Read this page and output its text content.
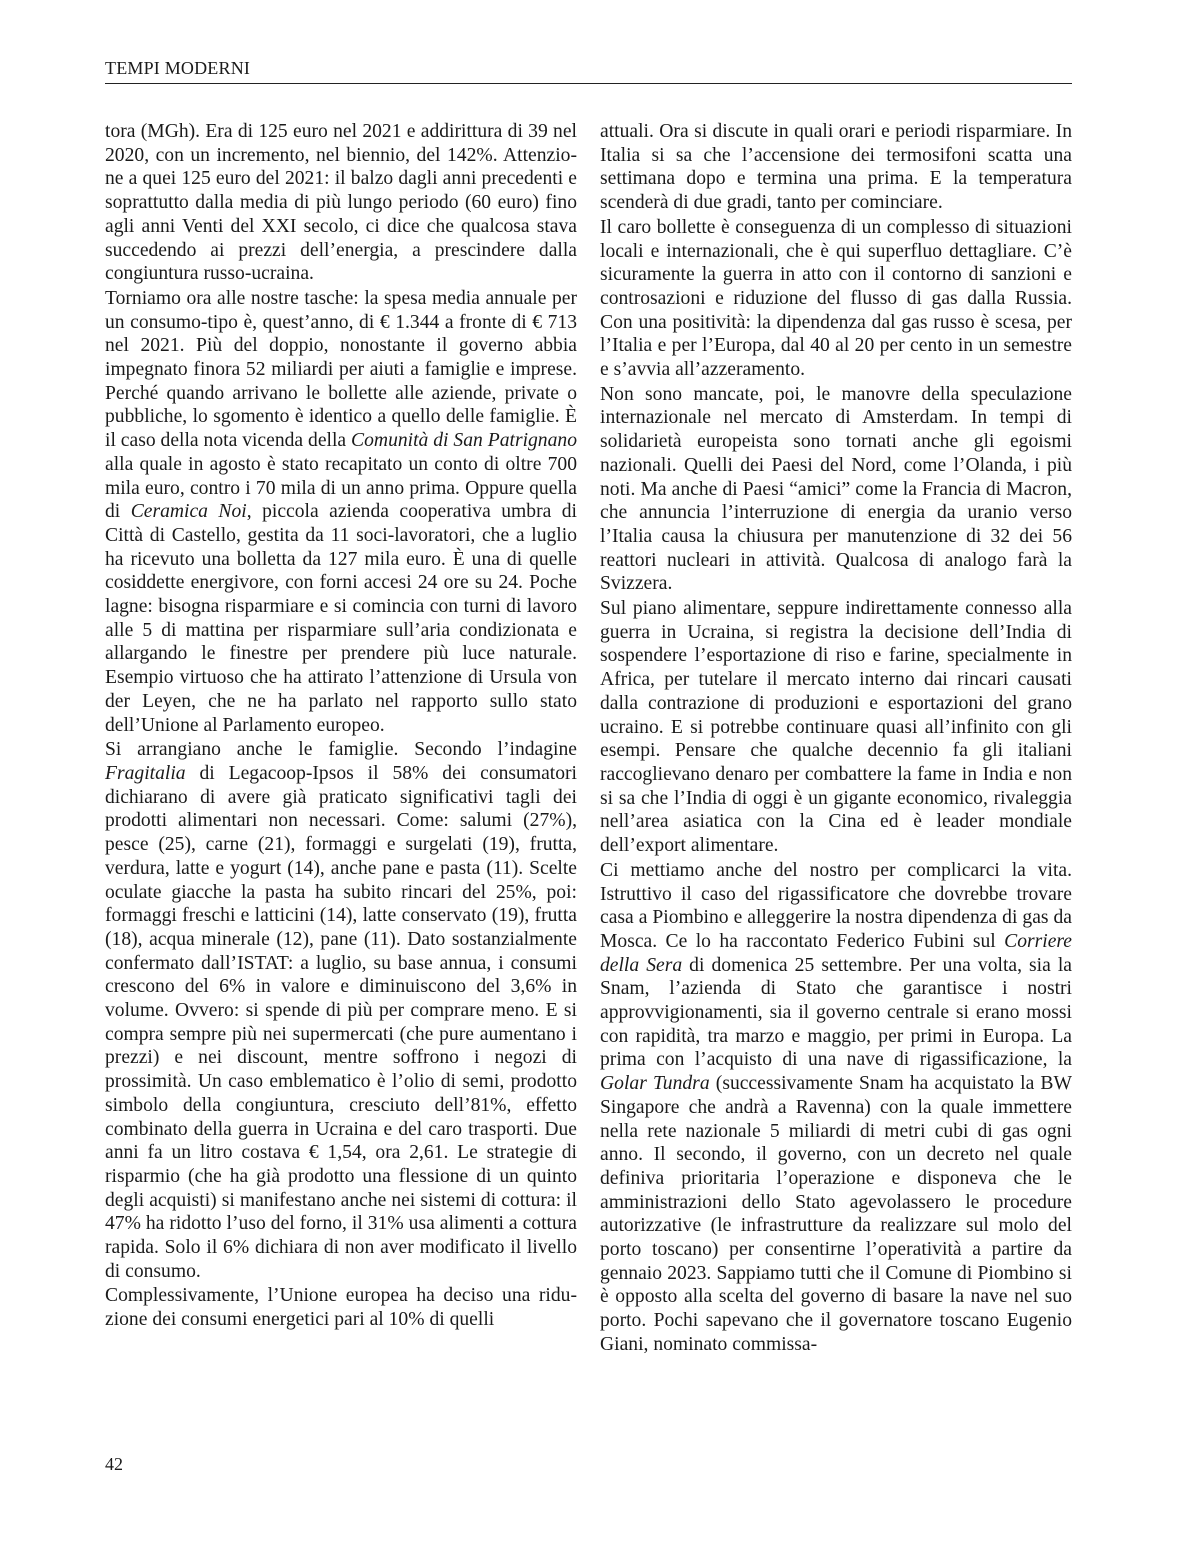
TEMPI MODERNI

tora (MGh). Era di 125 euro nel 2021 e addirittura di 39 nel 2020, con un incremento, nel biennio, del 142%. Attenzio-ne a quei 125 euro del 2021: il balzo dagli anni precedenti e soprattutto dalla media di più lungo periodo (60 euro) fino agli anni Venti del XXI secolo, ci dice che qualcosa stava succedendo ai prezzi dell’energia, a prescindere dalla congiuntura russo-ucraina.

Torniamo ora alle nostre tasche: la spesa media annuale per un consumo-tipo è, quest’anno, di € 1.344 a fronte di € 713 nel 2021. Più del doppio, nonostante il governo abbia impegnato finora 52 miliardi per aiuti a famiglie e imprese. Perché quando arrivano le bollette alle aziende, private o pubbliche, lo sgomento è identico a quello delle famiglie. È il caso della nota vicenda della Comunità di San Patrignano alla quale in agosto è stato recapitato un conto di oltre 700 mila euro, contro i 70 mila di un anno prima. Oppure quella di Ceramica Noi, piccola azienda cooperativa umbra di Città di Castello, gestita da 11 soci-lavoratori, che a luglio ha ricevuto una bolletta da 127 mila euro. È una di quelle cosiddette energivore, con forni accesi 24 ore su 24. Poche lagne: bisogna risparmiare e si comincia con turni di lavoro alle 5 di mattina per risparmiare sull’aria condizionata e allargando le finestre per prendere più luce naturale. Esempio virtuoso che ha attirato l’attenzione di Ursula von der Leyen, che ne ha parlato nel rapporto sullo stato dell’Unione al Parlamento europeo.

Si arrangiano anche le famiglie. Secondo l’indagine Fragitalia di Legacoop-Ipsos il 58% dei consumatori dichiarano di avere già praticato significativi tagli dei prodotti alimentari non necessari. Come: salumi (27%), pesce (25), carne (21), formaggi e surgelati (19), frutta, verdura, latte e yogurt (14), anche pane e pasta (11). Scelte oculate giacche la pasta ha subito rincari del 25%, poi: formaggi freschi e latticini (14), latte conservato (19), frutta (18), acqua minerale (12), pane (11). Dato sostanzialmente confermato dall’ISTAT: a luglio, su base annua, i consumi crescono del 6% in valore e diminuiscono del 3,6% in volume. Ovvero: si spende di più per comprare meno. E si compra sempre più nei supermercati (che pure aumentano i prezzi) e nei discount, mentre soffrono i negozi di prossimità. Un caso emblematico è l’olio di semi, prodotto simbolo della congiuntura, cresciuto dell’81%, effetto combinato della guerra in Ucraina e del caro trasporti. Due anni fa un litro costava € 1,54, ora 2,61. Le strategie di risparmio (che ha già prodotto una flessione di un quinto degli acquisti) si manifestano anche nei sistemi di cottura: il 47% ha ridotto l’uso del forno, il 31% usa alimenti a cottura rapida. Solo il 6% dichiara di non aver modificato il livello di consumo.

Complessivamente, l’Unione europea ha deciso una ridu-zione dei consumi energetici pari al 10% di quelli

attuali. Ora si discute in quali orari e periodi risparmiare. In Italia si sa che l’accensione dei termosifoni scatta una settimana dopo e termina una prima. E la temperatura scenderà di due gradi, tanto per cominciare.

Il caro bollette è conseguenza di un complesso di situazioni locali e internazionali, che è qui superfluo dettagliare. C’è sicuramente la guerra in atto con il contorno di sanzioni e controsazioni e riduzione del flusso di gas dalla Russia. Con una positività: la dipendenza dal gas russo è scesa, per l’Italia e per l’Europa, dal 40 al 20 per cento in un semestre e s’avvia all’azzeramento.

Non sono mancate, poi, le manovre della speculazione internazionale nel mercato di Amsterdam. In tempi di solidarietà europeista sono tornati anche gli egoismi nazionali. Quelli dei Paesi del Nord, come l’Olanda, i più noti. Ma anche di Paesi “amici” come la Francia di Macron, che annuncia l’interruzione di energia da uranio verso l’Italia causa la chiusura per manutenzione di 32 dei 56 reattori nucleari in attività. Qualcosa di analogo farà la Svizzera.

Sul piano alimentare, seppure indirettamente connesso alla guerra in Ucraina, si registra la decisione dell’India di sospendere l’esportazione di riso e farine, specialmente in Africa, per tutelare il mercato interno dai rincari causati dalla contrazione di produzioni e esportazioni del grano ucraino. E si potrebbe continuare quasi all’infinito con gli esempi. Pensare che qualche decennio fa gli italiani raccoglievano denaro per combattere la fame in India e non si sa che l’India di oggi è un gigante economico, rivaleggia nell’area asiatica con la Cina ed è leader mondiale dell’export alimentare.

Ci mettiamo anche del nostro per complicarci la vita. Istruttivo il caso del rigassificatore che dovrebbe trovare casa a Piombino e alleggerire la nostra dipendenza di gas da Mosca. Ce lo ha raccontato Federico Fubini sul Corriere della Sera di domenica 25 settembre. Per una volta, sia la Snam, l’azienda di Stato che garantisce i nostri approvvigionamenti, sia il governo centrale si erano mossi con rapidità, tra marzo e maggio, per primi in Europa. La prima con l’acquisto di una nave di rigassificazione, la Golar Tundra (successivamente Snam ha acquistato la BW Singapore che andrà a Ravenna) con la quale immettere nella rete nazionale 5 miliardi di metri cubi di gas ogni anno. Il secondo, il governo, con un decreto nel quale definiva prioritaria l’operazione e disponeva che le amministrazioni dello Stato agevolassero le procedure autorizzative (le infrastrutture da realizzare sul molo del porto toscano) per consentirne l’operatività a partire da gennaio 2023. Sappiamo tutti che il Comune di Piombino si è opposto alla scelta del governo di basare la nave nel suo porto. Pochi sapevano che il governatore toscano Eugenio Giani, nominato commissa-

42
